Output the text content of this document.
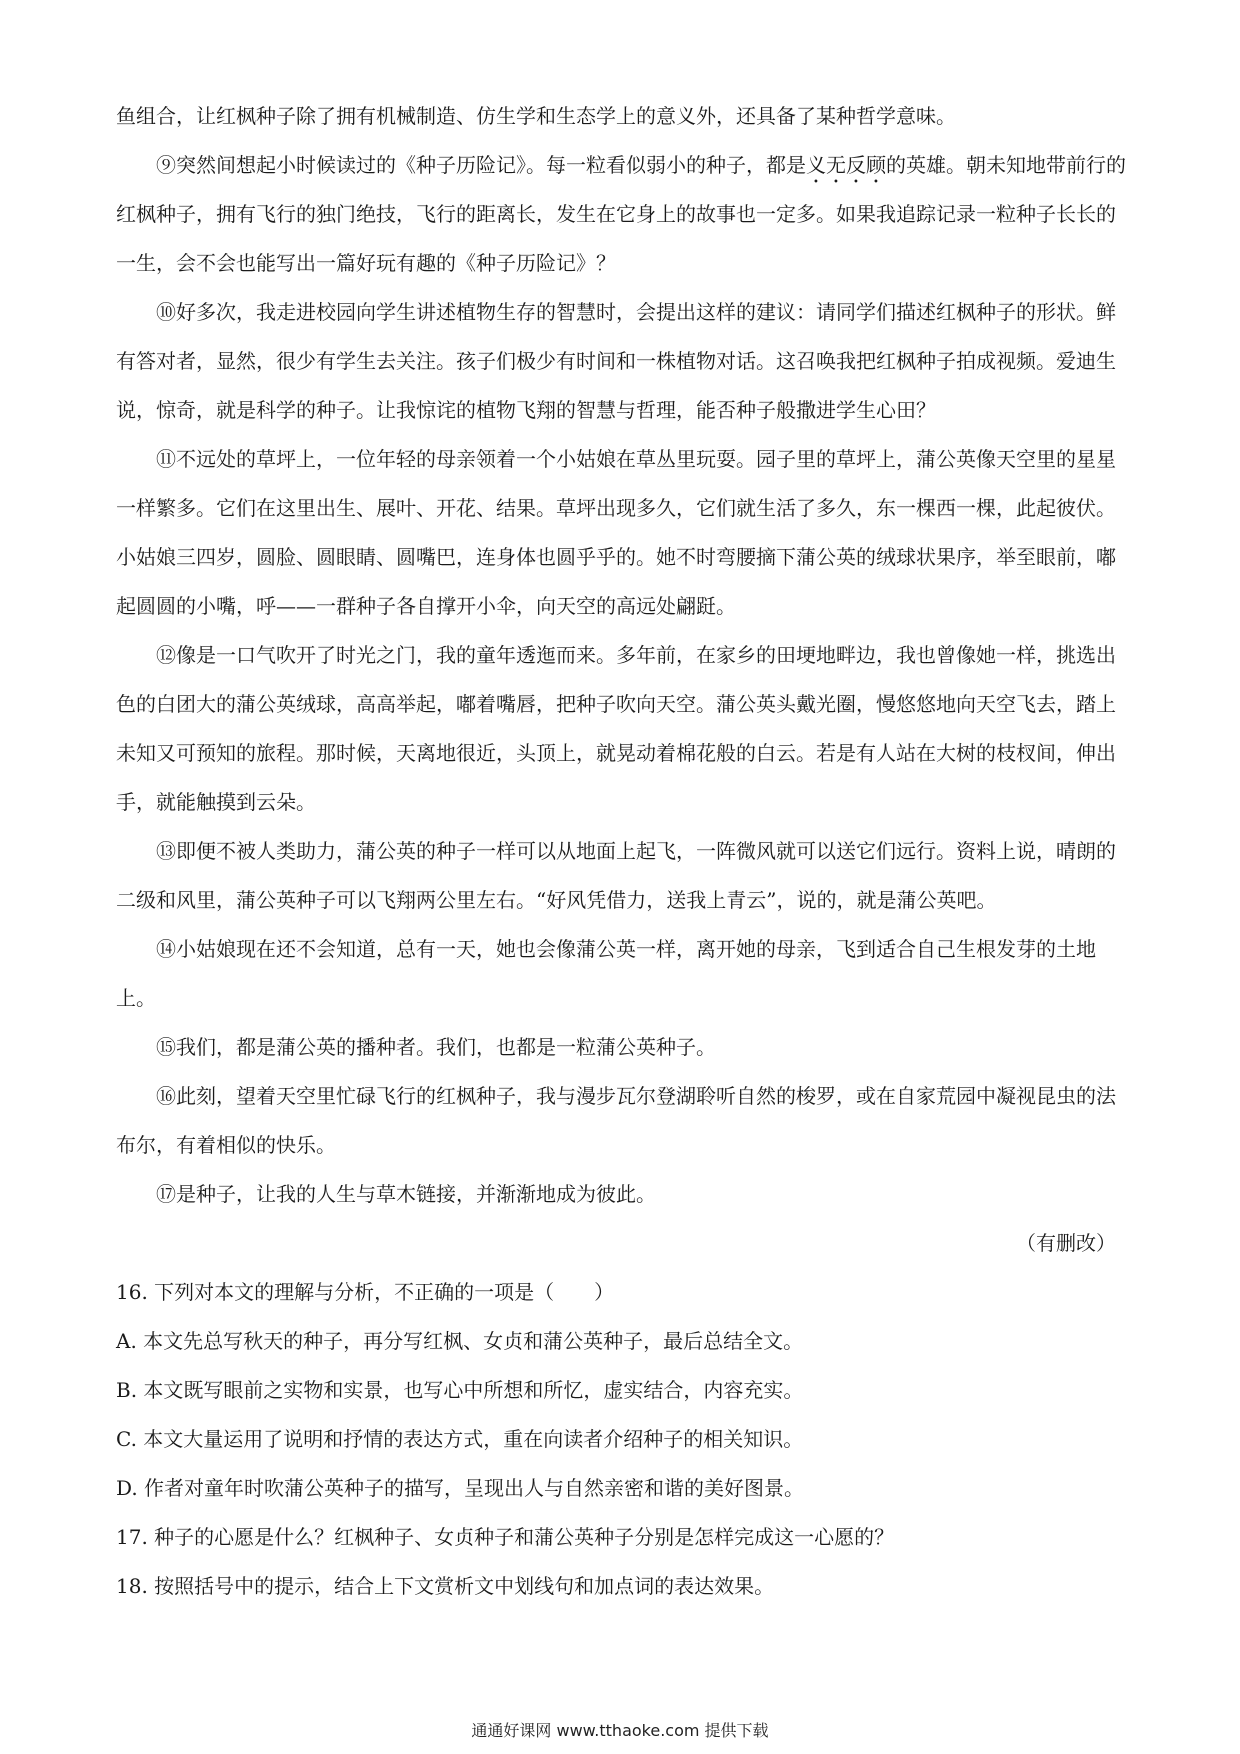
鱼组合，让红枫种子除了拥有机械制造、仿生学和生态学上的意义外，还具备了某种哲学意味。

⑨突然间想起小时候读过的《种子历险记》。每一粒看似弱小的种子，都是义无反顾的英雄。朝未知地带前行的红枫种子，拥有飞行的独门绝技，飞行的距离长，发生在它身上的故事也一定多。如果我追踪记录一粒种子长长的一生，会不会也能写出一篇好玩有趣的《种子历险记》？

⑩好多次，我走进校园向学生讲述植物生存的智慧时，会提出这样的建议：请同学们描述红枫种子的形状。鲜有答对者，显然，很少有学生去关注。孩子们极少有时间和一株植物对话。这召唤我把红枫种子拍成视频。爱迪生说，惊奇，就是科学的种子。让我惊诧的植物飞翔的智慧与哲理，能否种子般撒进学生心田？

⑪不远处的草坪上，一位年轻的母亲领着一个小姑娘在草丛里玩耍。园子里的草坪上，蒲公英像天空里的星星一样繁多。它们在这里出生、展叶、开花、结果。草坪出现多久，它们就生活了多久，东一棵西一棵，此起彼伏。小姑娘三四岁，圆脸、圆眼睛、圆嘴巴，连身体也圆乎乎的。她不时弯腰摘下蒲公英的绒球状果序，举至眼前，嘟起圆圆的小嘴，呼——一群种子各自撑开小伞，向天空的高远处翩跹。

⑫像是一口气吹开了时光之门，我的童年透迤而来。多年前，在家乡的田埂地畔边，我也曾像她一样，挑选出色的白团大的蒲公英绒球，高高举起，嘟着嘴唇，把种子吹向天空。蒲公英头戴光圈，慢悠悠地向天空飞去，踏上未知又可预知的旅程。那时候，天离地很近，头顶上，就晃动着棉花般的白云。若是有人站在大树的枝杈间，伸出手，就能触摸到云朵。

⑬即便不被人类助力，蒲公英的种子一样可以从地面上起飞，一阵微风就可以送它们远行。资料上说，晴朗的二级和风里，蒲公英种子可以飞翔两公里左右。“好风凭借力，送我上青云”，说的，就是蒲公英吧。

⑭小姑娘现在还不会知道，总有一天，她也会像蒲公英一样，离开她的母亲，飞到适合自己生根发芽的土地上。

⑮我们，都是蒲公英的播种者。我们，也都是一粒蒲公英种子。

⑯此刻，望着天空里忙碌飞行的红枫种子，我与漫步瓦尔登湖聆听自然的梭罗，或在自家荒园中凝视昆虫的法布尔，有着相似的快乐。

⑰是种子，让我的人生与草木链接，并渐渐地成为彼此。

（有删改）

16. 下列对本文的理解与分析，不正确的一项是（　　）

A. 本文先总写秋天的种子，再分写红枫、女贞和蒲公英种子，最后总结全文。

B. 本文既写眼前之实物和实景，也写心中所想和所忆，虚实结合，内容充实。

C. 本文大量运用了说明和抒情的表达方式，重在向读者介绍种子的相关知识。

D. 作者对童年时吹蒲公英种子的描写，呈现出人与自然亲密和谐的美好图景。

17. 种子的心愿是什么？红枫种子、女贞种子和蒲公英种子分别是怎样完成这一心愿的？

18. 按照括号中的提示，结合上下文赏析文中划线句和加点词的表达效果。

通通好课网 www.tthaoke.com 提供下载
